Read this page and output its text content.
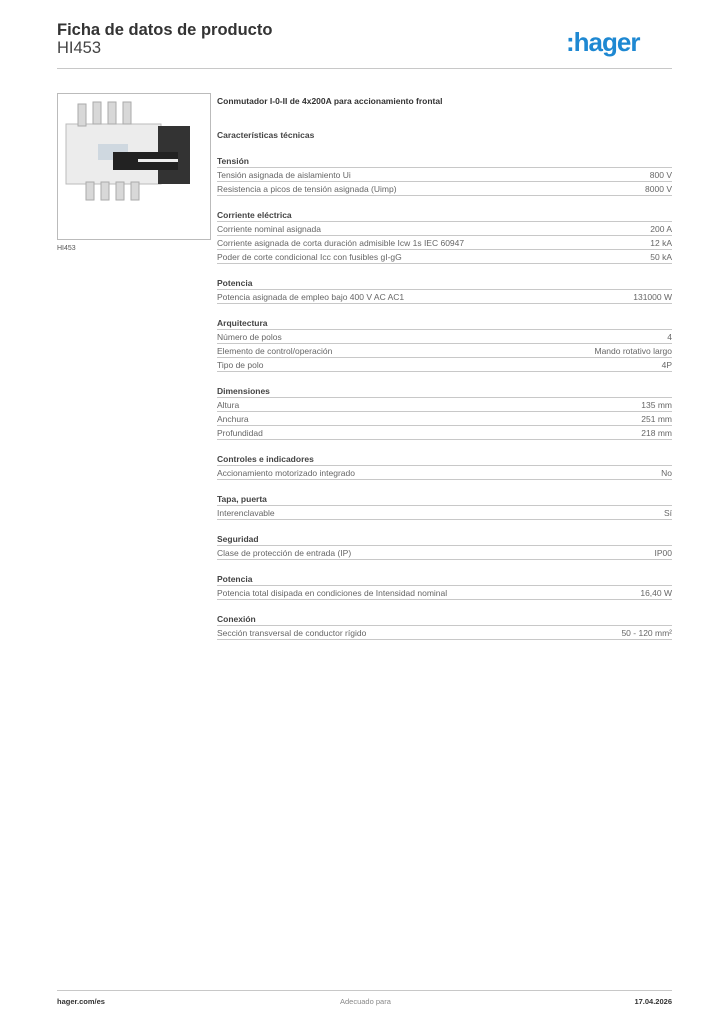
Ficha de datos de producto
HI453	:hager
HI453
Conmutador I-0-II de 4x200A para accionamiento frontal
Características técnicas
Tensión
Tensión asignada de aislamiento Ui	800 V
Resistencia a picos de tensión asignada (Uimp)	8000 V
Corriente eléctrica
Corriente nominal asignada	200 A
Corriente asignada de corta duración admisible Icw 1s IEC 60947	12 kA
Poder de corte condicional Icc con fusibles gI-gG	50 kA
Potencia
Potencia asignada de empleo bajo 400 V AC AC1	131000 W
Arquitectura
Número de polos	4
Elemento de control/operación	Mando rotativo largo
Tipo de polo	4P
Dimensiones
Altura	135 mm
Anchura	251 mm
Profundidad	218 mm
Controles e indicadores
Accionamiento motorizado integrado	No
Tapa, puerta
Interenclavable	Sí
Seguridad
Clase de protección de entrada (IP)	IP00
Potencia
Potencia total disipada en condiciones de Intensidad nominal	16,40 W
Conexión
Sección transversal de conductor rígido	50 - 120 mm²
hager.com/es	Adecuado para	17.04.2026
